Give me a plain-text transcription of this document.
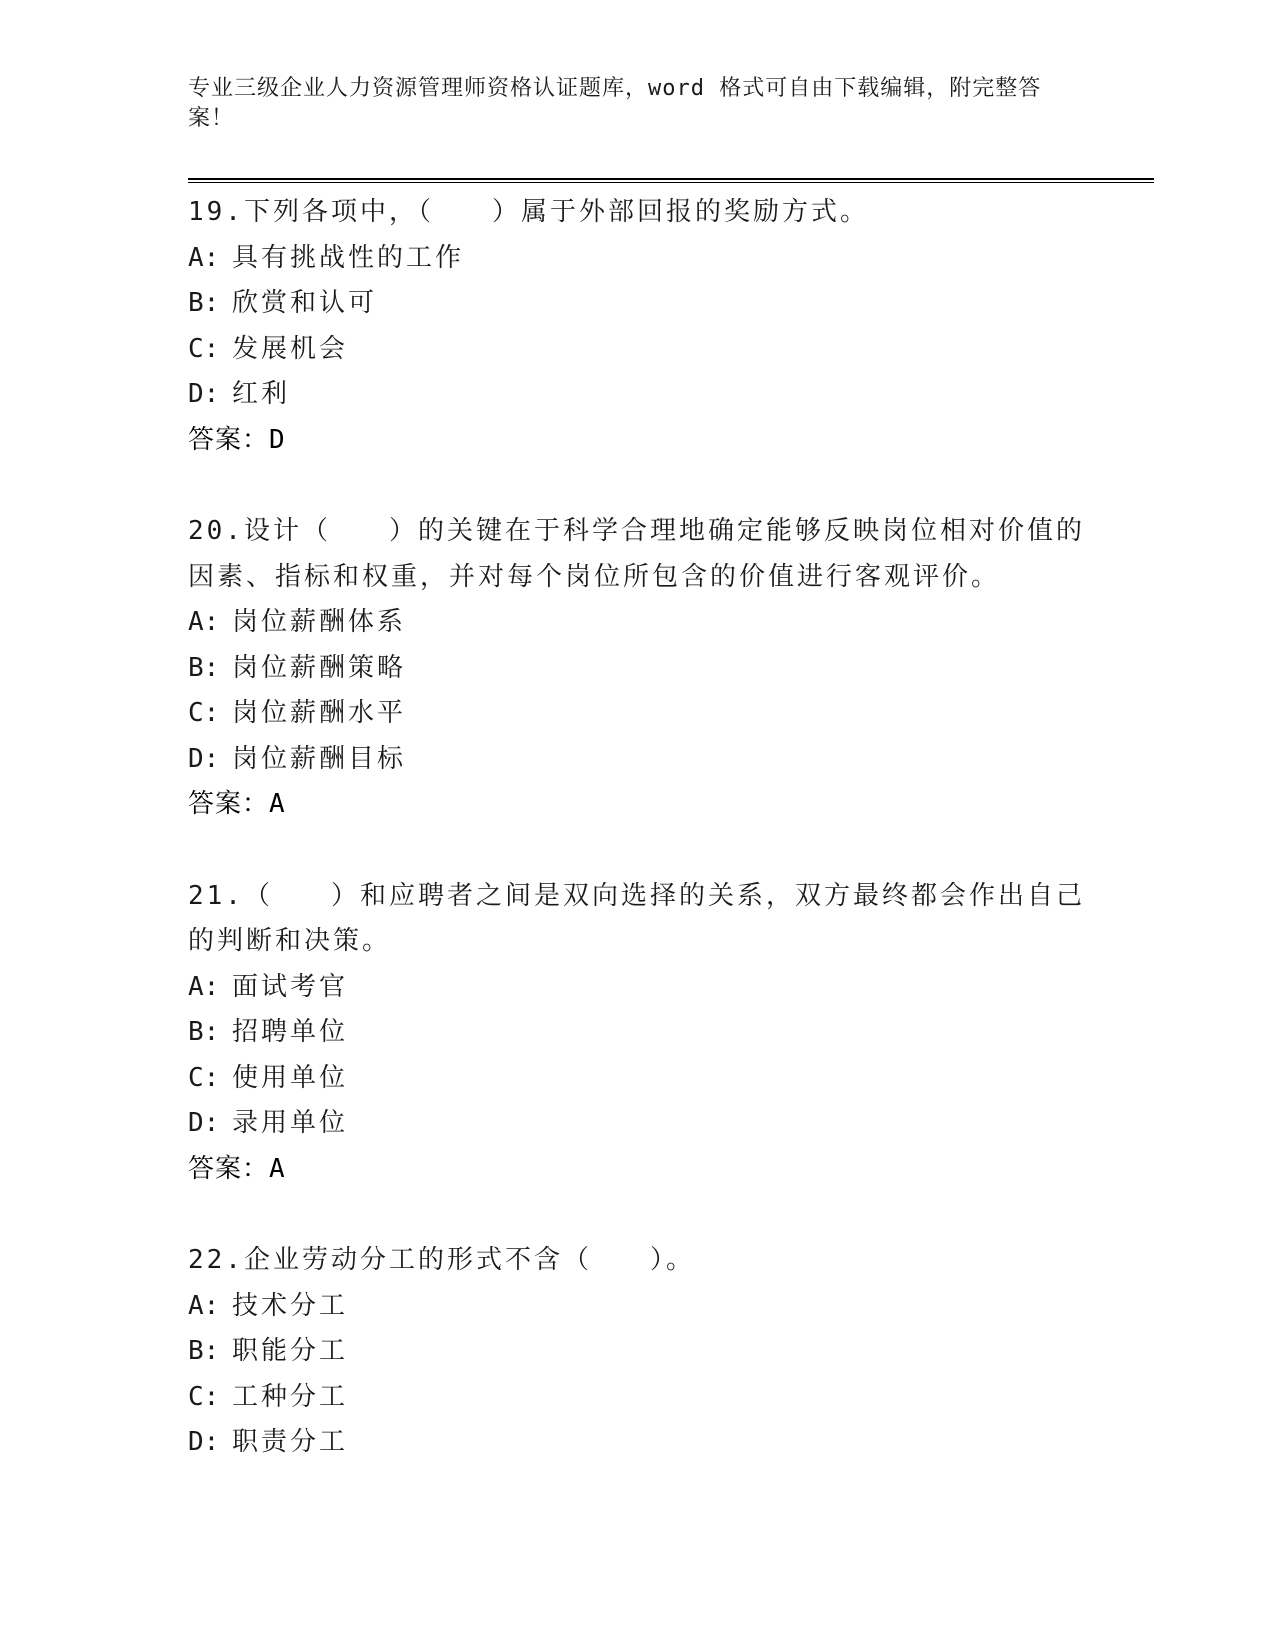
专业三级企业人力资源管理师资格认证题库，word 格式可自由下载编辑，附完整答案！
19.下列各项中，（　　）属于外部回报的奖励方式。
A: 具有挑战性的工作
B: 欣赏和认可
C: 发展机会
D: 红利
答案：D
20.设计（　　）的关键在于科学合理地确定能够反映岗位相对价值的因素、指标和权重，并对每个岗位所包含的价值进行客观评价。
A: 岗位薪酬体系
B: 岗位薪酬策略
C: 岗位薪酬水平
D: 岗位薪酬目标
答案：A
21.（　　）和应聘者之间是双向选择的关系，双方最终都会作出自己的判断和决策。
A: 面试考官
B: 招聘单位
C: 使用单位
D: 录用单位
答案：A
22.企业劳动分工的形式不含（　　）。
A: 技术分工
B: 职能分工
C: 工种分工
D: 职责分工
